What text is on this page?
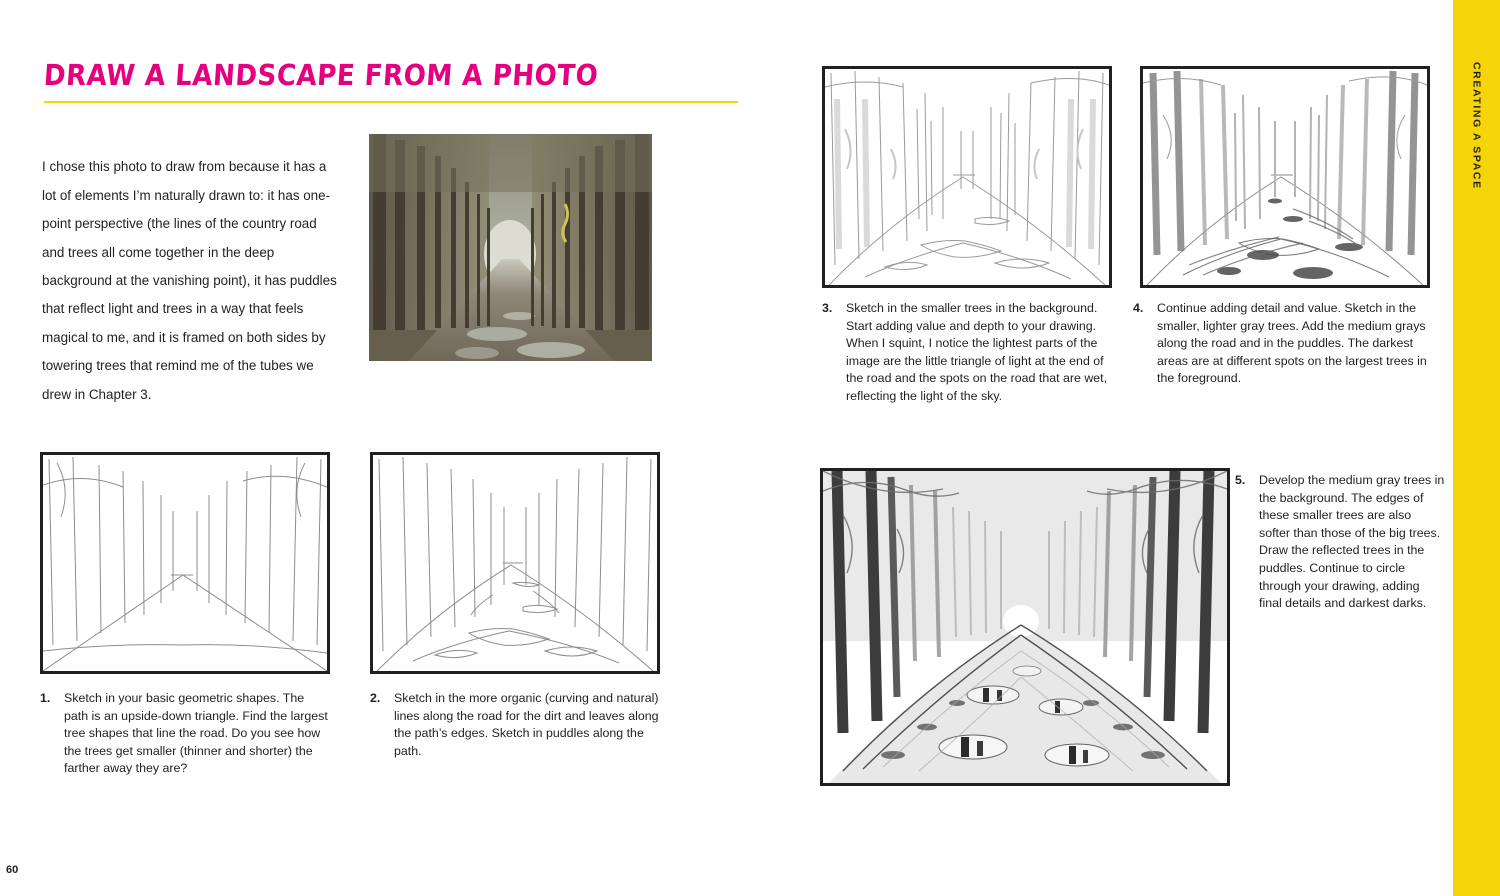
DRAW A LANDSCAPE FROM A PHOTO

I chose this photo to draw from because it has a lot of elements I’m naturally drawn to: it has one-point perspective (the lines of the country road and trees all come together in the deep background at the vanishing point), it has puddles that reflect light and trees in a way that feels magical to me, and it is framed on both sides by towering trees that remind me of the tubes we drew in Chapter 3.

1.	Sketch in your basic geometric shapes. The path is an upside-down triangle. Find the largest tree shapes that line the road. Do you see how the trees get smaller (thinner and shorter) the farther away they are?
2.	Sketch in the more organic (curving and natural) lines along the road for the dirt and leaves along the path’s edges. Sketch in puddles along the path.
60
3.	Sketch in the smaller trees in the background. Start adding value and depth to your drawing. When I squint, I notice the lightest parts of the image are the little triangle of light at the end of the road and the spots on the road that are wet, reflecting the light of the sky.
4.	Continue adding detail and value. Sketch in the smaller, lighter gray trees. Add the medium grays along the road and in the puddles. The darkest areas are at different spots on the largest trees in the foreground.
5.	Develop the medium gray trees in the background. The edges of these smaller trees are also softer than those of the big trees. Draw the reflected trees in the puddles. Continue to circle through your drawing, adding final details and darkest darks.
CREATING A SPACE
